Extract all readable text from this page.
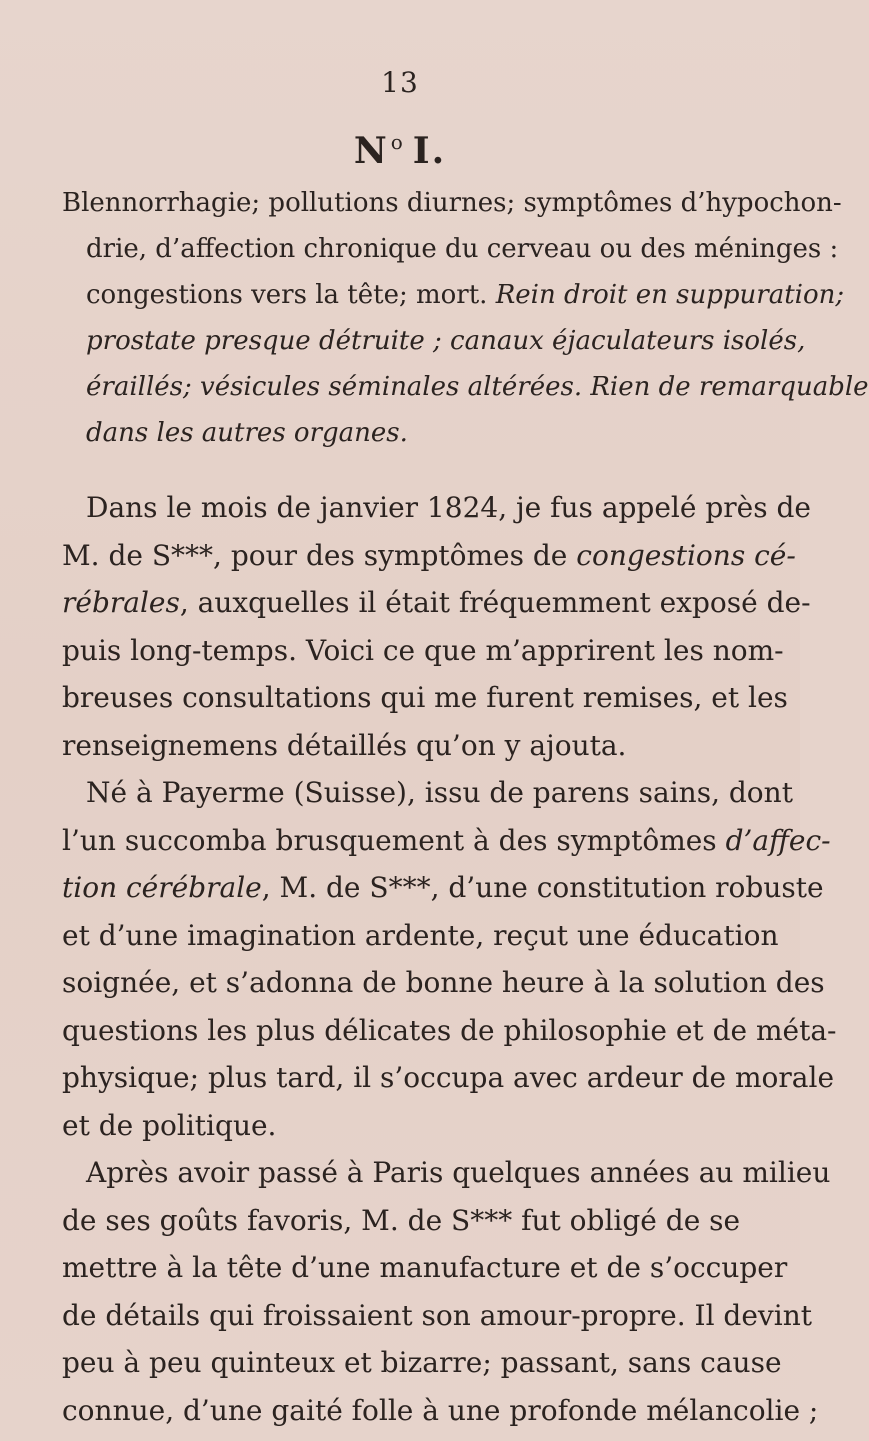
13
N $^o$ I.
Blennorrhagie; pollutions diurnes; symptômes d’hypochon-
drie, d’affection chronique du cerveau ou des méninges :
congestions vers la tête; mort. Rein droit en suppuration;
prostate presque détruite ; canaux éjaculateurs isolés,
éraillés; vésicules séminales altérées. Rien de remarquable
dans les autres organes.
Dans le mois de janvier 1824, je fus appelé près de
M. de S***, pour des symptômes de congestions cé-
rébrales, auxquelles il était fréquemment exposé de-
puis long-temps. Voici ce que m’apprirent les nom-
breuses consultations qui me furent remises, et les
renseignemens détaillés qu’on y ajouta.
Né à Payerme (Suisse), issu de parens sains, dont
l’un succomba brusquement à des symptômes d’affec-
tion cérébrale, M. de S***, d’une constitution robuste
et d’une imagination ardente, reçut une éducation
soignée, et s’adonna de bonne heure à la solution des
questions les plus délicates de philosophie et de méta-
physique; plus tard, il s’occupa avec ardeur de morale
et de politique.
Après avoir passé à Paris quelques années au milieu
de ses goûts favoris, M. de S*** fut obligé de se
mettre à la tête d’une manufacture et de s’occuper
de détails qui froissaient son amour-propre. Il devint
peu à peu quinteux et bizarre; passant, sans cause
connue, d’une gaité folle à une profonde mélancolie ;
